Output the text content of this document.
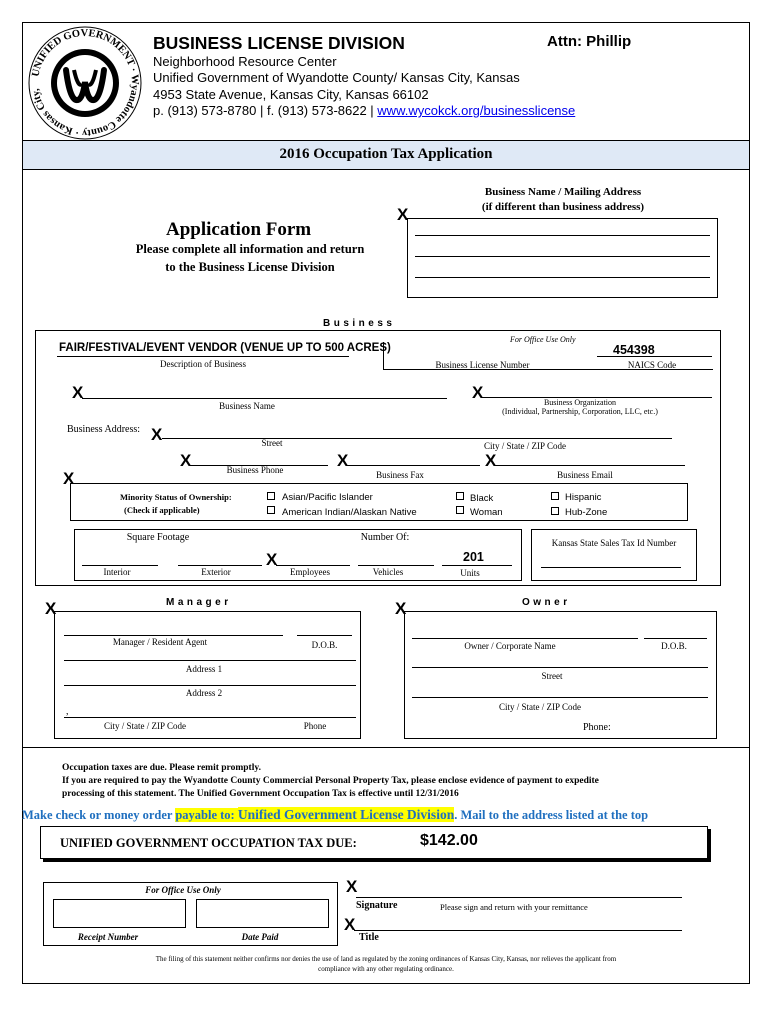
UNIFIED GOVERNMENT · Wyandotte County · Kansas City,
BUSINESS LICENSE DIVISION	Attn: Phillip
Neighborhood Resource Center
Unified Government of Wyandotte County/ Kansas City, Kansas
4953 State Avenue, Kansas City, Kansas 66102
p. (913) 573-8780 | f. (913) 573-8622 | www.wycokck.org/businesslicense
2016 Occupation Tax Application
Application Form
Please complete all information and return
to the Business License Division
Business Name / Mailing Address
(if different than business address)
X
Business
For Office Use Only
FAIR/FESTIVAL/EVENT VENDOR (VENUE UP TO 500 ACRES)
Description of Business	Business License Number
454398
NAICS Code
X
Business Name
X
Business Organization
(Individual, Partnership, Corporation, LLC, etc.)
Business Address: X	Street	City / State / ZIP Code
X	Business Phone	X
Business Fax
X
Business Email
X
Minority Status of Ownership:
(Check if applicable)
Asian/Pacific Islander
American Indian/Alaskan Native
Black
Woman
Hispanic
Hub-Zone
Square Footage
Interior	Exterior
Number Of:
X
Employees	Vehicles
201
Units
Kansas State Sales Tax Id Number
X	Manager
Manager / Resident Agent	D.O.B.
Address 1
Address 2
,
City / State / ZIP Code	Phone
X	Owner
Owner / Corporate Name	D.O.B.
Street
City / State / ZIP Code
Phone:
Occupation taxes are due. Please remit promptly.
If you are required to pay the Wyandotte County Commercial Personal Property Tax, please enclose evidence of payment to expedite
processing of this statement. The Unified Government Occupation Tax is effective until 12/31/2016
Make check or money order payable to: Unified Government License Division. Mail to the address listed at the top
UNIFIED GOVERNMENT OCCUPATION TAX DUE:	$142.00
For Office Use Only
Receipt Number	Date Paid
X
Signature	Please sign and return with your remittance
X
Title
The filing of this statement neither confirms nor denies the use of land as regulated by the zoning ordinances of Kansas City, Kansas, nor relieves the applicant from
compliance with any other regulating ordinance.
